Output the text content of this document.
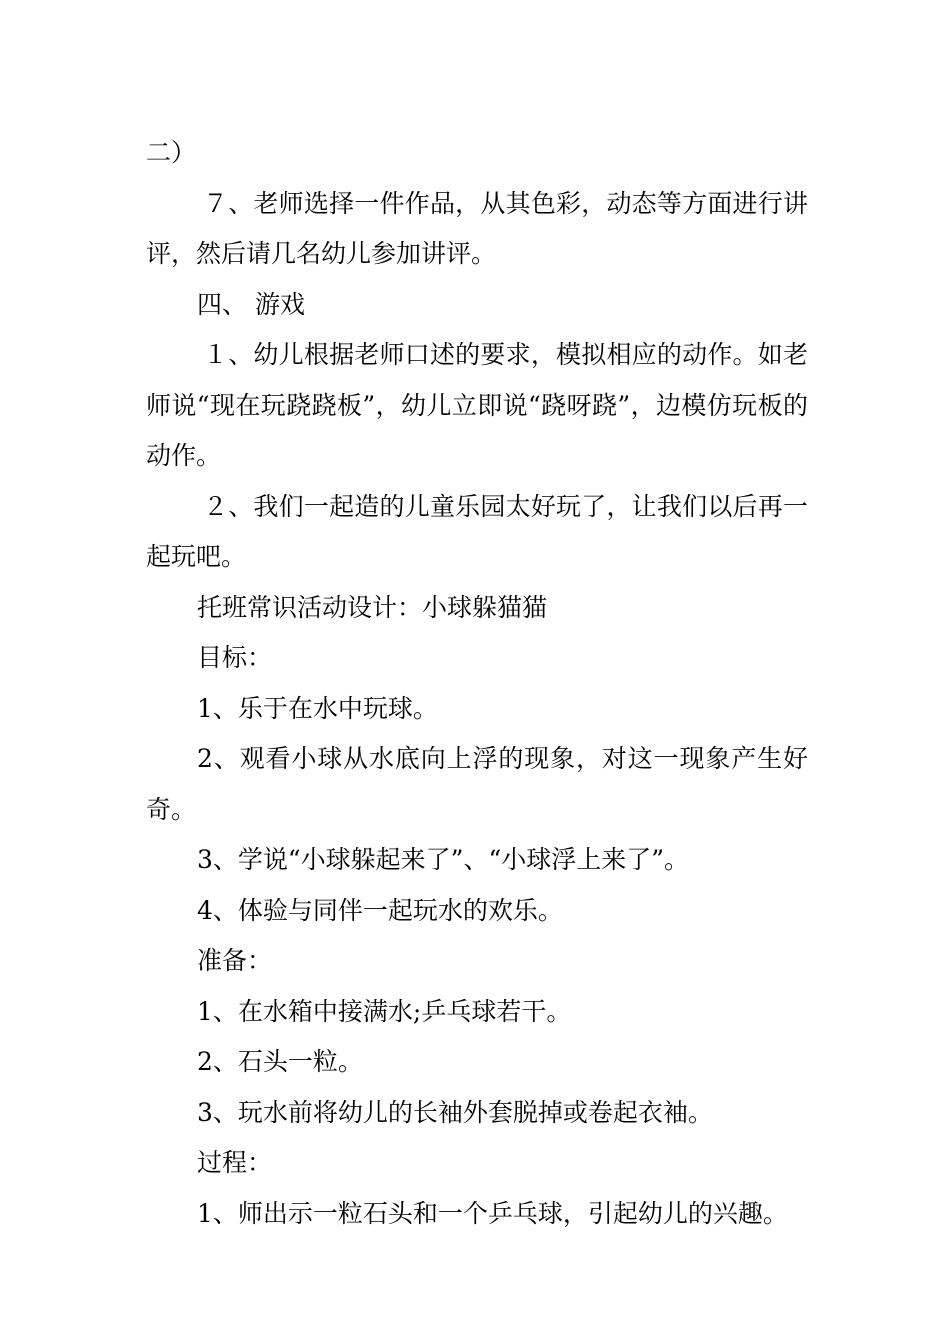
二）

７、老师选择一件作品，从其色彩，动态等方面进行讲评，然后请几名幼儿参加讲评。

四、 游戏

１、幼儿根据老师口述的要求，模拟相应的动作。如老师说“现在玩跷跷板”，幼儿立即说“跷呀跷”，边模仿玩板的动作。

２、我们一起造的儿童乐园太好玩了，让我们以后再一起玩吧。

托班常识活动设计：小球躲猫猫

目标：

1、乐于在水中玩球。

2、观看小球从水底向上浮的现象，对这一现象产生好奇。

3、学说“小球躲起来了”、“小球浮上来了”。

4、体验与同伴一起玩水的欢乐。

准备：

1、在水箱中接满水;乒乓球若干。

2、石头一粒。

3、玩水前将幼儿的长袖外套脱掉或卷起衣袖。

过程：

1、师出示一粒石头和一个乒乓球，引起幼儿的兴趣。
